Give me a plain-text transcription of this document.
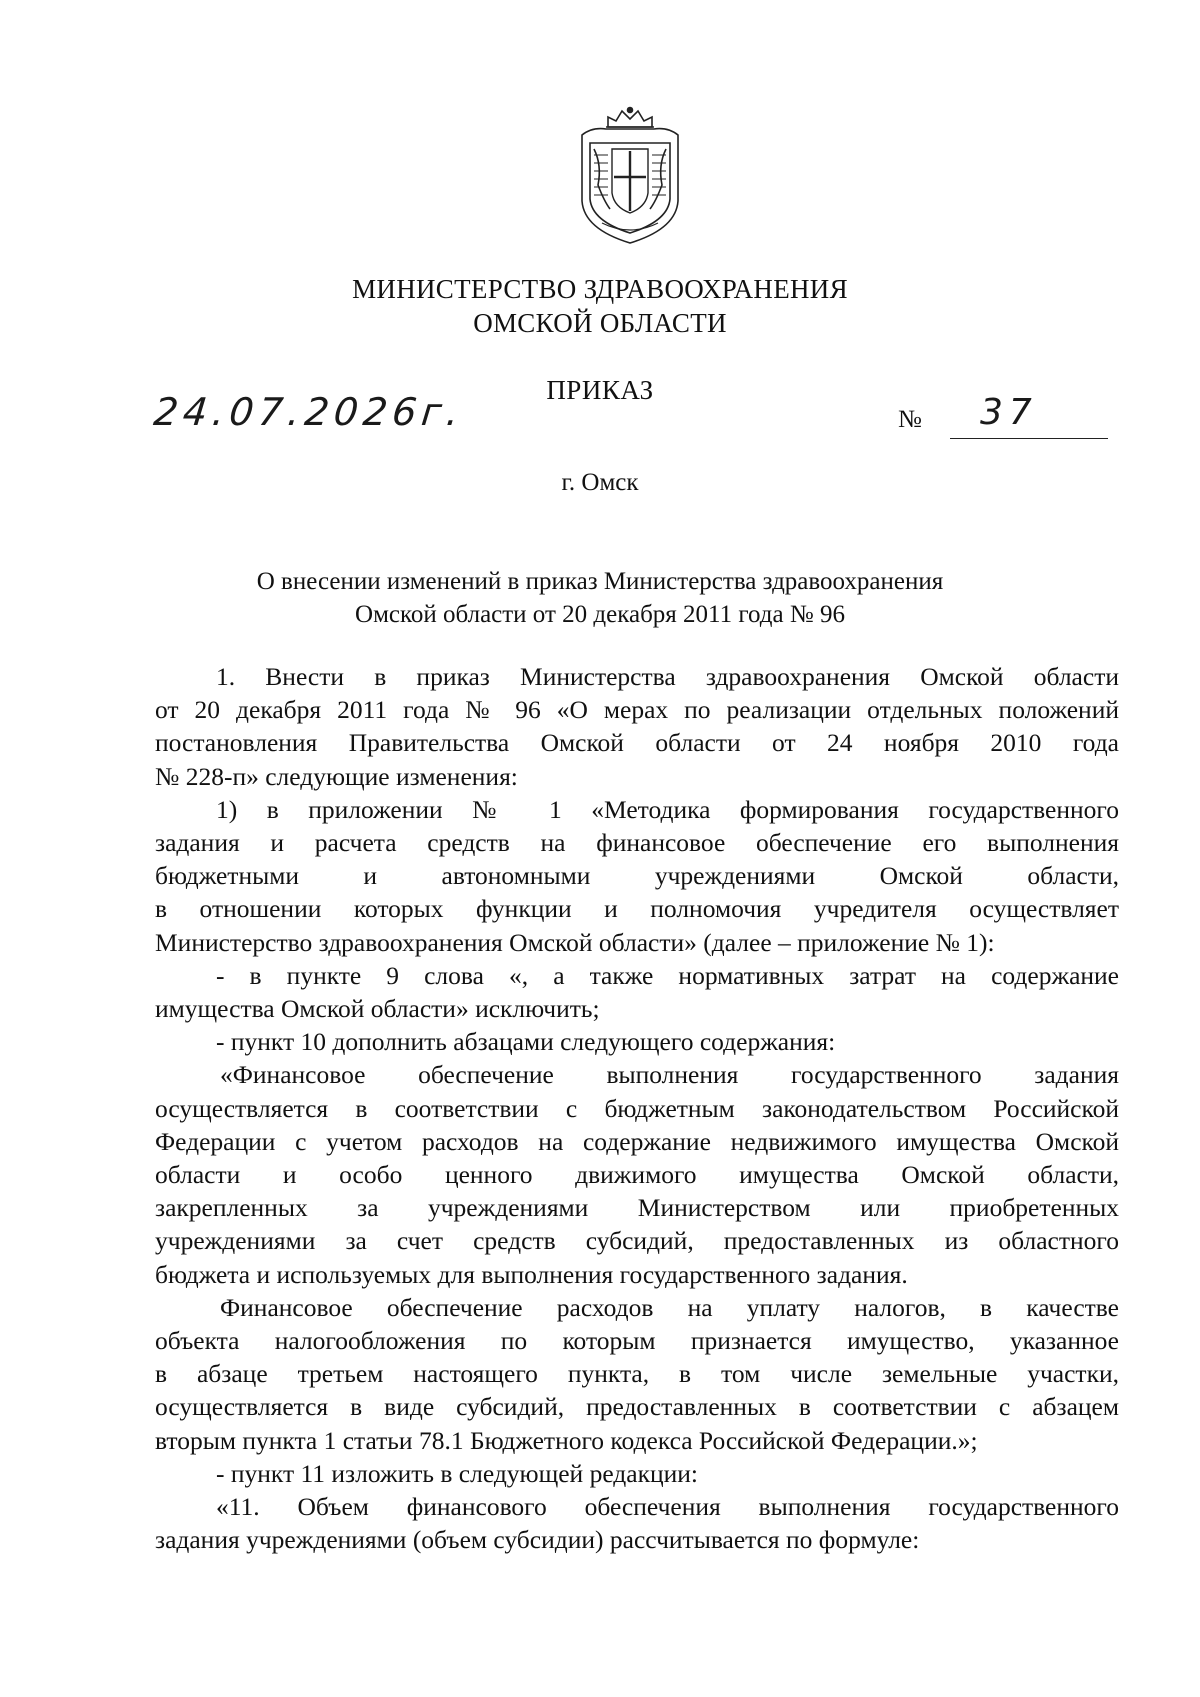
МИНИСТЕРСТВО ЗДРАВООХРАНЕНИЯ
ОМСКОЙ ОБЛАСТИ
ПРИКАЗ
24.07.2026г.	№ 37
г. Омск
О внесении изменений в приказ Министерства здравоохранения
Омской области от 20 декабря 2011 года № 96

1. Внести в приказ Министерства здравоохранения Омской области

от 20 декабря 2011 года № 96 «О мерах по реализации отдельных положений

постановления Правительства Омской области от 24 ноября 2010 года

№ 228-п» следующие изменения:

1) в приложении № 1 «Методика формирования государственного

задания и расчета средств на финансовое обеспечение его выполнения

бюджетными и автономными учреждениями Омской области,

в отношении которых функции и полномочия учредителя осуществляет

Министерство здравоохранения Омской области» (далее – приложение № 1):

- в пункте 9 слова «, а также нормативных затрат на содержание

имущества Омской области» исключить;

- пункт 10 дополнить абзацами следующего содержания:

«Финансовое обеспечение выполнения государственного задания

осуществляется в соответствии с бюджетным законодательством Российской

Федерации с учетом расходов на содержание недвижимого имущества Омской

области и особо ценного движимого имущества Омской области,

закрепленных за учреждениями Министерством или приобретенных

учреждениями за счет средств субсидий, предоставленных из областного

бюджета и используемых для выполнения государственного задания.

Финансовое обеспечение расходов на уплату налогов, в качестве

объекта налогообложения по которым признается имущество, указанное

в абзаце третьем настоящего пункта, в том числе земельные участки,

осуществляется в виде субсидий, предоставленных в соответствии с абзацем

вторым пункта 1 статьи 78.1 Бюджетного кодекса Российской Федерации.»;

- пункт 11 изложить в следующей редакции:

«11. Объем финансового обеспечения выполнения государственного

задания учреждениями (объем субсидии) рассчитывается по формуле:
